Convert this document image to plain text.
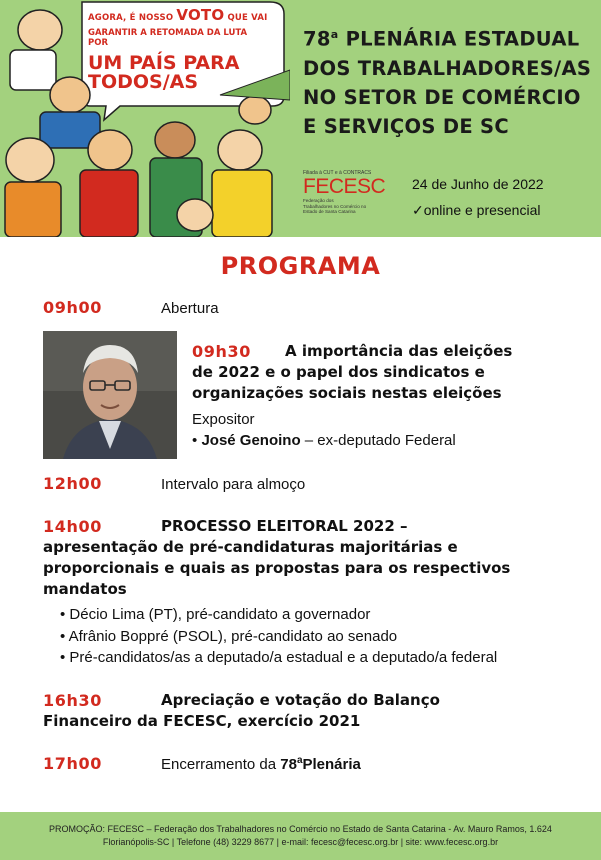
AGORA, É NOSSO VOTO QUE VAI
GARANTIR A RETOMADA DA LUTA POR
UM PAÍS PARA TODOS/AS
78$^a$ PLENÁRIA ESTADUAL
DOS TRABALHADORES/AS
NO SETOR DE COMÉRCIO
E SERVIÇOS DE SC
Filiada à CUT e à CONTRACS
FECESC
Federação dos
Trabalhadores no Comércio no
Estado de Santa Catarina
24 de Junho de 2022
✓online e presencial
PROGRAMA
09h00	Abertura
09h30 A importância das eleições
de 2022 e o papel dos sindicatos e
organizações sociais nestas eleições
Expositor
• José Genoino – ex-deputado Federal
12h00	Intervalo para almoço
14h00	PROCESSO ELEITORAL 2022 –
apresentação de pré-candidaturas majoritárias e
proporcionais e quais as propostas para os respectivos
mandatos
• Décio Lima (PT), pré-candidato a governador
• Afrânio Boppré (PSOL), pré-candidato ao senado
• Pré-candidatos/as a deputado/a estadual e a deputado/a federal
16h30	Apreciação e votação do Balanço
Financeiro da FECESC, exercício 2021
17h00	Encerramento da 78$^a$Plenária
PROMOÇÃO: FECESC – Federação dos Trabalhadores no Comércio no Estado de Santa Catarina - Av. Mauro Ramos, 1.624
Florianópolis-SC | Telefone (48) 3229 8677 | e-mail: fecesc@fecesc.org.br | site: www.fecesc.org.br
